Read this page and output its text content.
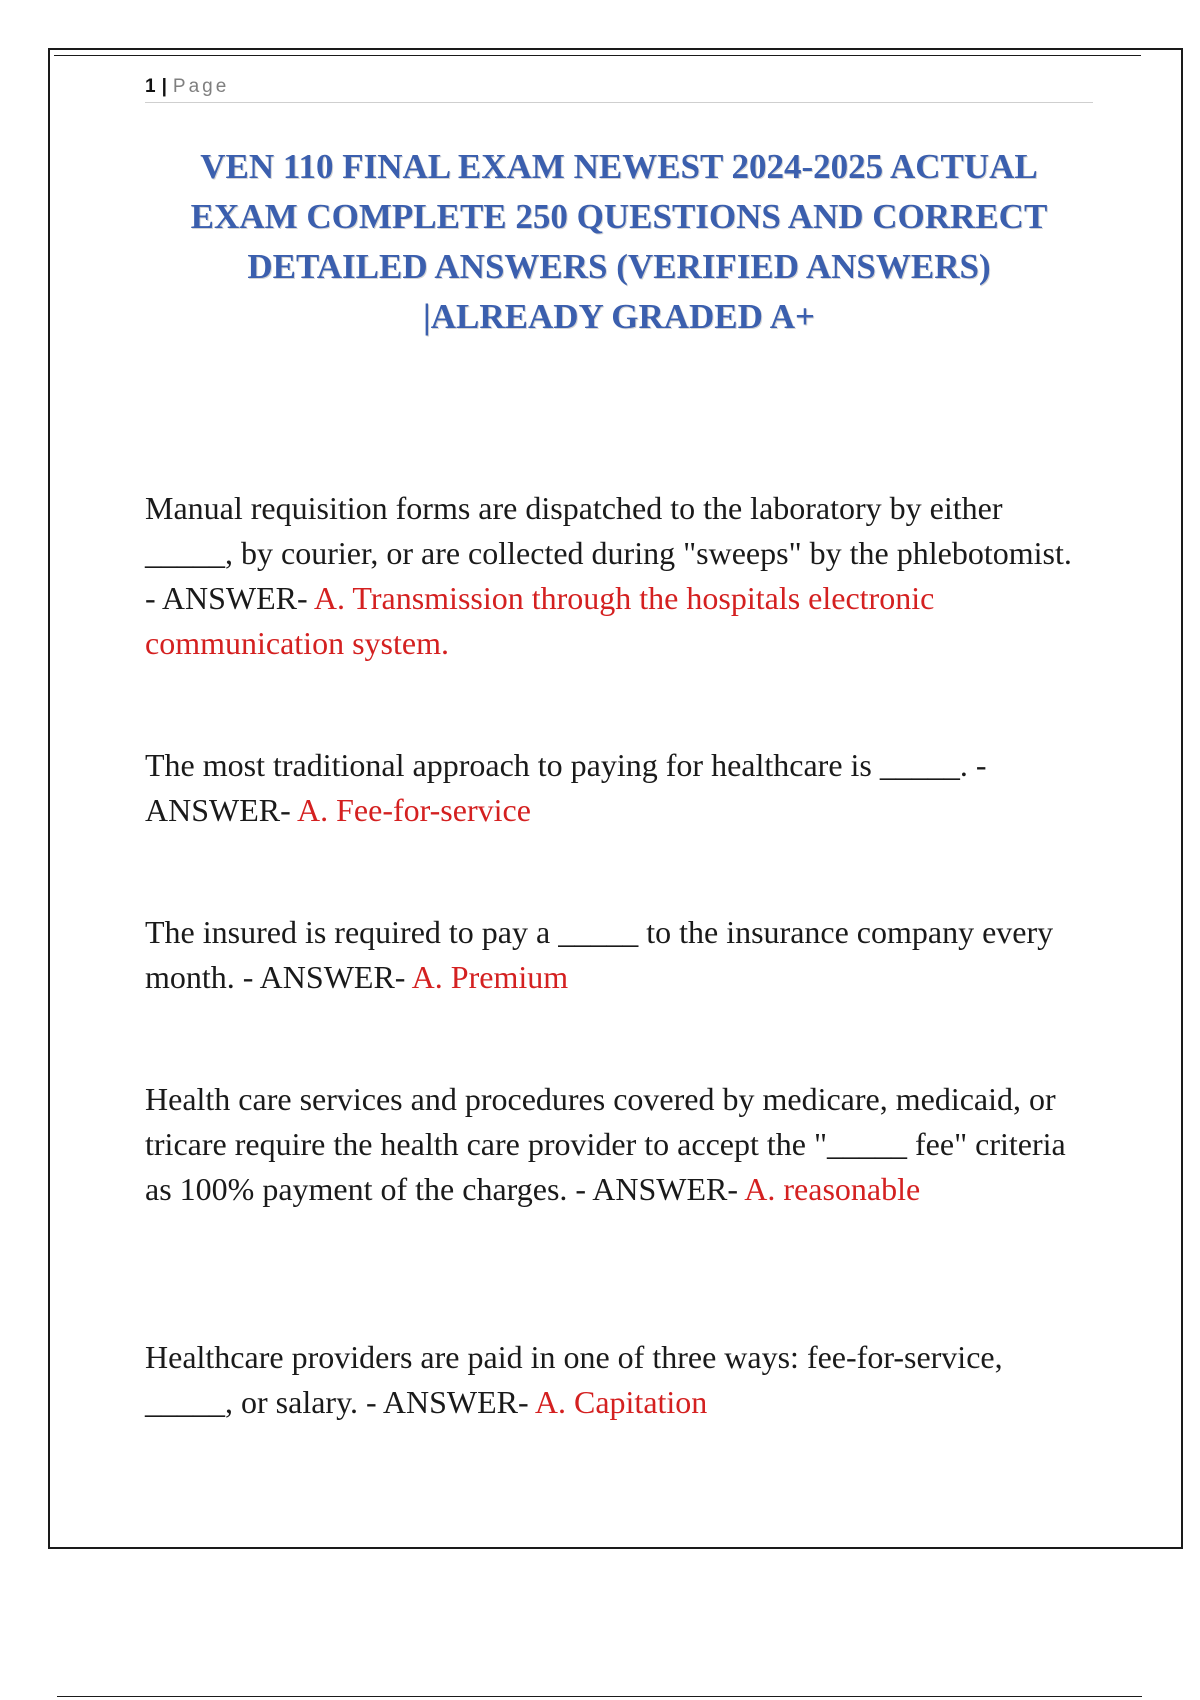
1 | Page
VEN 110 FINAL EXAM NEWEST 2024-2025 ACTUAL
EXAM COMPLETE 250 QUESTIONS AND CORRECT
DETAILED ANSWERS (VERIFIED ANSWERS)
|ALREADY GRADED A+

Manual requisition forms are dispatched to the laboratory by either _____, by courier, or are collected during "sweeps" by the phlebotomist. - ANSWER- A. Transmission through the hospitals electronic communication system.

The most traditional approach to paying for healthcare is _____. - ANSWER- A. Fee-for-service

The insured is required to pay a _____ to the insurance company every month. - ANSWER- A. Premium

Health care services and procedures covered by medicare, medicaid, or tricare require the health care provider to accept the "_____ fee" criteria as 100% payment of the charges. - ANSWER- A. reasonable

Healthcare providers are paid in one of three ways: fee-for-service, _____, or salary. - ANSWER- A. Capitation
